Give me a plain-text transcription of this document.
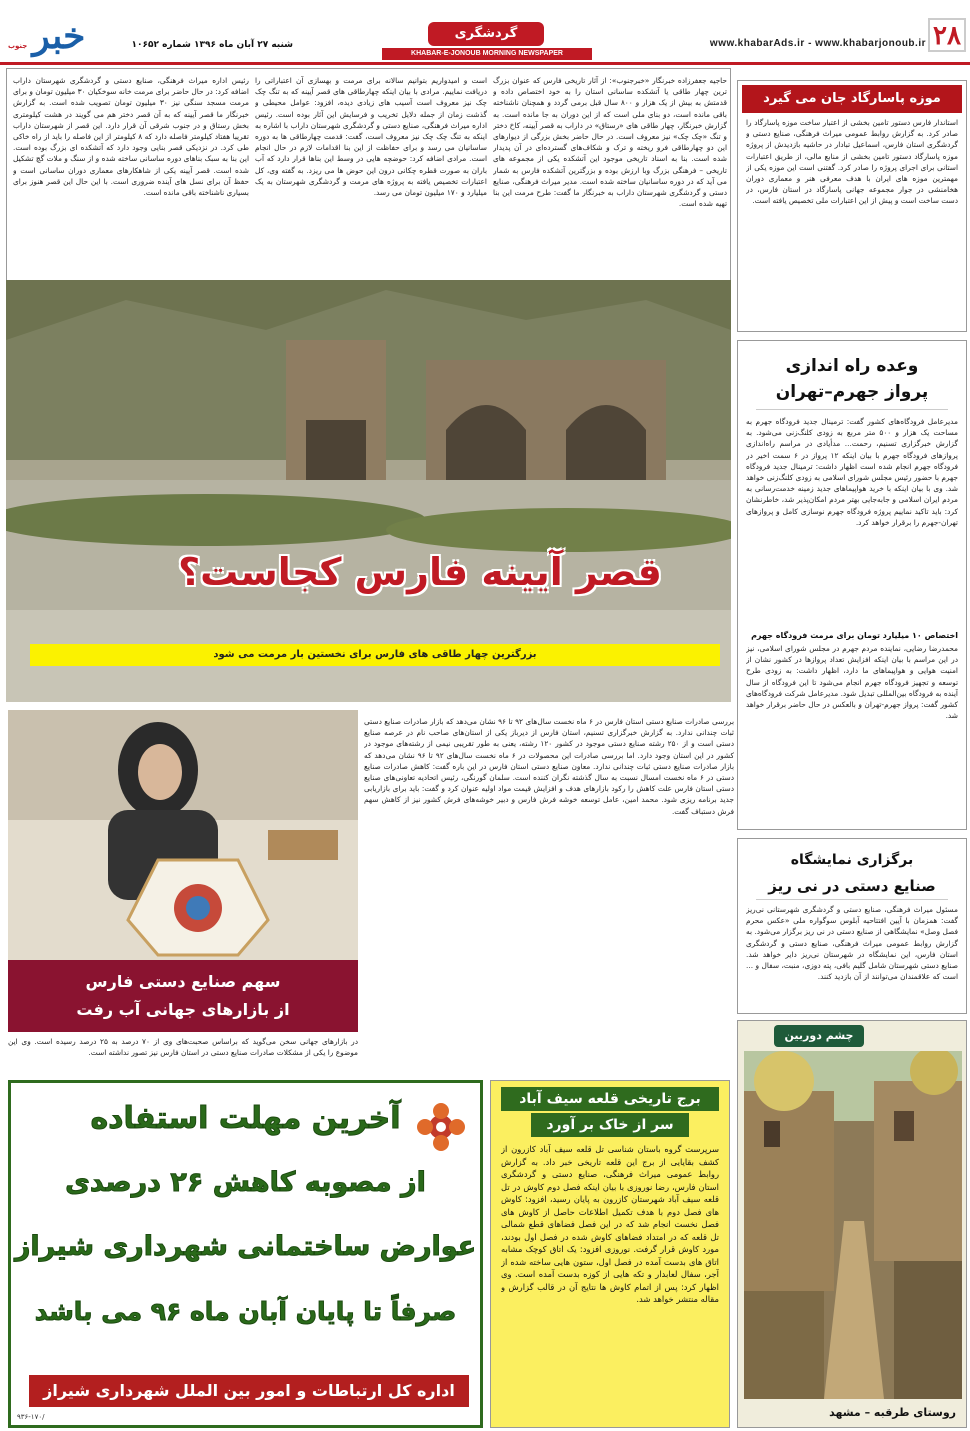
۲۸
www.khabarAds.ir - www.khabarjonoub.ir
گردشگری
KHABAR-E-JONOUB MORNING NEWSPAPER
شنبه ۲۷ آبان ماه ۱۳۹۶ شماره ۱۰۶۵۲
خبر جنوب
موزه پاسارگاد جان می گیرد
استاندار فارس دستور تامین بخشی از اعتبار ساخت موزه پاسارگاد را صادر کرد. به گزارش روابط عمومی میراث فرهنگی، صنایع دستی و گردشگری استان فارس، اسماعیل تبادار در حاشیه بازدیدش از پروژه موزه پاسارگاد دستور تامین بخشی از منابع مالی، از طریق اعتبارات استانی برای اجرای پروژه را صادر کرد. گفتنی است این موزه یکی از مهمترین موزه های ایران با هدف معرفی هنر و معماری دوران هخامنشی در جوار مجموعه جهانی پاسارگاد در استان فارس، در دست ساخت است و پیش از این اعتبارات ملی تخصیص یافته است.
وعده راه اندازی
پرواز جهرم–تهران
مدیرعامل فرودگاه‌های کشور گفت: ترمینال جدید فرودگاه جهرم به مساحت یک هزار و ۵۰۰ متر مربع به زودی کلنگ‌زنی می‌شود. به گزارش خبرگزاری تسنیم، رحمت... مدأیادی در مراسم راه‌اندازی پروازهای فرودگاه جهرم با بیان اینکه ۱۲ پرواز در ۶ سمت اخیر در فرودگاه جهرم انجام شده است اظهار داشت: ترمینال جدید فرودگاه جهرم با حضور رئیس مجلس شورای اسلامی به زودی کلنگ‌زنی خواهد شد. وی با بیان اینکه با خرید هواپیماهای جدید زمینه خدمت‌رسانی به مردم ایران اسلامی و جابه‌جایی بهتر مردم امکان‌پذیر شد، خاطرنشان کرد: باید تاکید نماییم پروژه فرودگاه جهرم نوسازی کامل و پروازهای تهران-جهرم را برقرار خواهد کرد.
اختصاص ۱۰ میلیارد تومان برای مرمت فرودگاه جهرم
محمدرضا رضایی، نماینده مردم جهرم در مجلس شورای اسلامی، نیز در این مراسم با بیان اینکه افزایش تعداد پروازها در کشور نشان از امنیت هوایی و هواپیماهای ما دارد، اظهار داشت: به زودی طرح توسعه و تجهیز فرودگاه جهرم انجام می‌شود تا این فرودگاه از سال آینده به فرودگاه بین‌المللی تبدیل شود. مدیرعامل شرکت فرودگاه‌های کشور گفت: پرواز جهرم-تهران و بالعکس در حال حاضر برقرار خواهد شد.
برگزاری نمایشگاه
صنایع دستی در نی ریز
مسئول میراث فرهنگی، صنایع دستی و گردشگری شهرستانی نی‌ریز گفت: همزمان با آیین افتتاحیه آبلوس سوگواره ملی «عکس محرم فصل وصل» نمایشگاهی از صنایع دستی در نی ریز برگزار می‌شود. به گزارش روابط عمومی میراث فرهنگی، صنایع دستی و گردشگری استان فارس، این نمایشگاه در شهرستان نی‌ریز دایر خواهد شد. صنایع دستی شهرستان شامل گلیم بافی، پته دوزی، منبت، سفال و ... است که علاقمندان می‌توانند از آن بازدید کنند.
چشم دوربین
روستای طرقبه – مشهد
حاجیه جعفرزاده خبرنگار «خبرجنوب»: از آثار تاریخی فارس که عنوان بزرگ ترین چهار طاقی یا آتشکده ساسانی استان را به خود اختصاص داده و قدمتش به بیش از یک هزار و ۸۰۰ سال قبل برمی گردد و همچنان ناشناخته باقی مانده است، دو بنای ملی است که از این دوران به جا مانده است. به گزارش خبرنگار، چهار طاقی های «رستاق» در داراب به قصر آیینه، کاخ دختر و تنگ «چک چک» نیز معروف است. در حال حاضر بخش بزرگی از دیوارهای این دو چهارطاقی فرو ریخته و ترک و شکاف‌های گسترده‌ای در آن پدیدار شده است. بنا به اسناد تاریخی موجود این آتشکده یکی از مجموعه های تاریخی – فرهنگی بزرگ وبا ارزش بوده و بزرگترین آتشکده فارس به شمار می آید که در دوره ساسانیان ساخته شده است. مدیر میراث فرهنگی، صنایع دستی و گردشگری شهرستان داراب به خبرنگار ما گفت: طرح مرمت این بنا تهیه شده است.
است و امیدواریم بتوانیم سالانه برای مرمت و بهسازی آن اعتباراتی را دریافت نماییم. مرادی با بیان اینکه چهارطاقی های قصر آیینه که به تنگ چک چک نیز معروف است آسیب های زیادی دیده، افزود: عوامل محیطی و گذشت زمان از جمله دلایل تخریب و فرسایش این آثار بوده است. رئیس اداره میراث فرهنگی، صنایع دستی و گردشگری شهرستان داراب با اشاره به اینکه به تنگ چک چک نیز معروف است، گفت: قدمت چهارطاقی ها به دوره ساسانیان می رسد و برای حفاظت از این بنا اقدامات لازم در حال انجام است. مرادی اضافه کرد: حوضچه هایی در وسط این بناها قرار دارد که آب باران به صورت قطره چکانی درون این حوض ها می ریزد. به گفته وی، کل اعتبارات تخصیص یافته به پروژه های مرمت و گردشگری شهرستان به یک میلیارد و ۱۷۰ میلیون تومان می رسد.
رئیس اداره میراث فرهنگی، صنایع دستی و گردشگری شهرستان داراب اضافه کرد: در حال حاضر برای مرمت خانه سوخکیان ۳۰ میلیون تومان و برای مرمت مسجد سنگی نیز ۳۰ میلیون تومان تصویب شده است. به گزارش خبرنگار ما قصر آیینه که به آن قصر دختر هم می گویند در هشت کیلومتری بخش رستاق و در جنوب شرقی آن قرار دارد. این قصر از شهرستان داراب تقریبا هفتاد کیلومتر فاصله دارد که ۸ کیلومتر از این فاصله را باید از راه خاکی طی کرد. در نزدیکی قصر بنایی وجود دارد که آتشکده ای بزرگ بوده است. این بنا به سبک بناهای دوره ساسانی ساخته شده و از سنگ و ملات گچ تشکیل شده است. قصر آیینه یکی از شاهکارهای معماری دوران ساسانی است و حفظ آن برای نسل های آینده ضروری است. با این حال این قصر هنوز برای بسیاری ناشناخته باقی مانده است.
قصر آیینه فارس کجاست؟
بزرگترین چهار طاقی های فارس برای نخستین بار مرمت می شود
سهم صنایع دستی فارس
از بازارهای جهانی آب رفت
بررسی صادرات صنایع دستی استان فارس در ۶ ماه نخست سال‌های ۹۲ تا ۹۶ نشان می‌دهد که بازار صادرات صنایع دستی ثبات چندانی ندارد. به گزارش خبرگزاری تسنیم، استان فارس از دیرباز یکی از استان‌های صاحب نام در عرصه صنایع دستی است و از ۲۵۰ رشته صنایع دستی موجود در کشور ۱۲۰ رشته، یعنی به طور تقریبی نیمی از رشته‌های موجود در کشور در این استان وجود دارد. اما بررسی صادرات این محصولات در ۶ ماه نخست سال‌های ۹۲ تا ۹۶ نشان می‌دهد که بازار صادرات صنایع دستی ثبات چندانی ندارد. معاون صنایع دستی استان فارس در این باره گفت: کاهش صادرات صنایع دستی در ۶ ماه نخست امسال نسبت به سال گذشته نگران کننده است. سلمان گورنگی، رئیس اتحادیه تعاونی‌های صنایع دستی استان فارس علت کاهش را رکود بازارهای هدف و افزایش قیمت مواد اولیه عنوان کرد و گفت: باید برای بازاریابی جدید برنامه ریزی شود. محمد امین، عامل توسعه خوشه فرش فارس و دبیر خوشه‌های فرش کشور نیز از کاهش سهم فرش دستباف گفت.
در بازارهای جهانی سخن می‌گوید که براساس صحبت‌های وی از ۷۰ درصد به ۲۵ درصد رسیده است. وی این موضوع را یکی از مشکلات صادرات صنایع دستی در استان فارس نیز تصور نداشته است.
آخرین مهلت استفاده
از مصوبه کاهش ۲۶ درصدی
عوارض ساختمانی شهرداری شیراز
صرفاً تا پایان آبان ماه ۹۶ می باشد
اداره کل ارتباطات و امور بین الملل شهرداری شیراز
۹۳۶-۱۷۰/
برج تاریخی قلعه سیف آباد
سر از خاک بر آورد
سرپرست گروه باستان شناسی تل قلعه سیف آباد کازرون از کشف بقایایی از برج این قلعه تاریخی خبر داد. به گزارش روابط عمومی میراث فرهنگی، صنایع دستی و گردشگری استان فارس، رضا نوروزی با بیان اینکه فصل دوم کاوش در تل قلعه سیف آباد شهرستان کازرون به پایان رسید، افزود: کاوش های فصل دوم با هدف تکمیل اطلاعات حاصل از کاوش های فصل نخست انجام شد که در این فصل فضاهای قطع شمالی تل قلعه که در امتداد فضاهای کاوش شده در فصل اول بودند، مورد کاوش قرار گرفت. نوروزی افزود: یک اتاق کوچک مشابه اتاق های بدست آمده در فصل اول، ستون هایی ساخته شده از آجر، سفال لعابدار و تکه هایی از کوزه بدست آمده است. وی اظهار کرد: پس از اتمام کاوش ها نتایج آن در قالب گزارش و مقاله منتشر خواهد شد.
